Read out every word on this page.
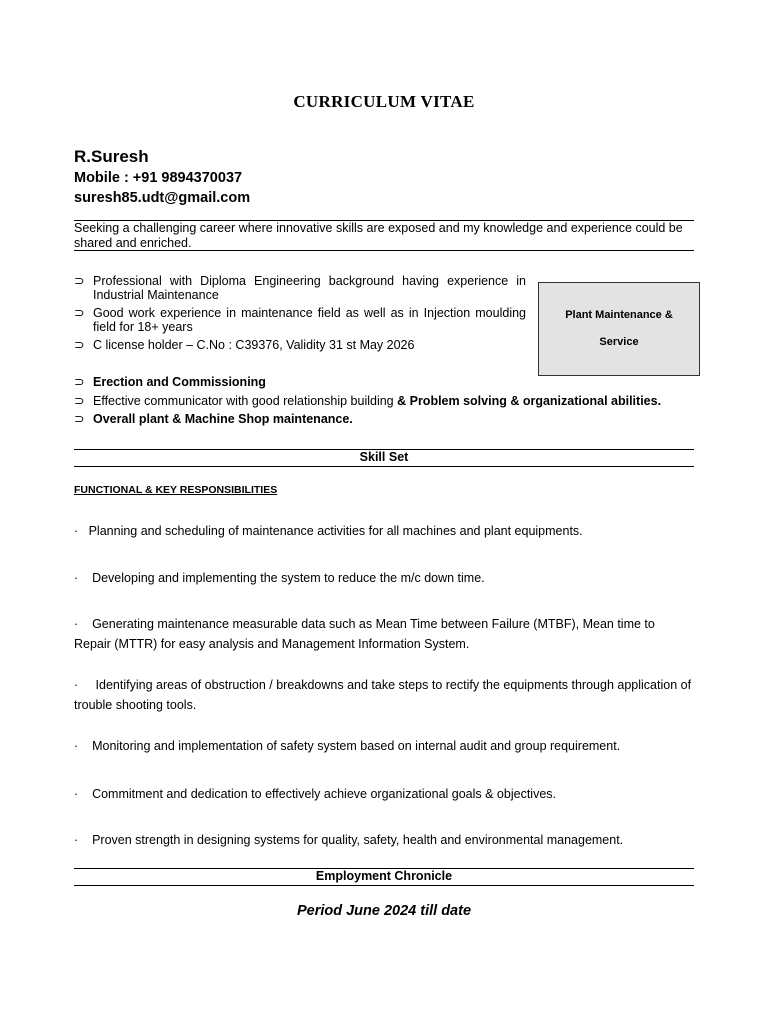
CURRICULUM VITAE
R.Suresh
Mobile : +91 9894370037
suresh85.udt@gmail.com
Seeking a challenging career where innovative skills are exposed and my knowledge and experience could be shared and enriched.
⊃ Professional with Diploma Engineering background having experience in Industrial Maintenance
⊃ Good work experience in maintenance field as well as in Injection moulding field for 18+ years
⊃ C license holder – C.No : C39376, Validity 31 st May 2026
Plant Maintenance &
Service
⊃ Erection and Commissioning
⊃ Effective communicator with good relationship building & Problem solving & organizational abilities.
⊃ Overall plant & Machine Shop maintenance.
Skill Set
FUNCTIONAL & KEY RESPONSIBILITIES
· Planning and scheduling of maintenance activities for all machines and plant equipments.
· Developing and implementing the system to reduce the m/c down time.
· Generating maintenance measurable data such as Mean Time between Failure (MTBF), Mean time to Repair (MTTR) for easy analysis and Management Information System.
· Identifying areas of obstruction / breakdowns and take steps to rectify the equipments through application of trouble shooting tools.
· Monitoring and implementation of safety system based on internal audit and group requirement.
· Commitment and dedication to effectively achieve organizational goals & objectives.
· Proven strength in designing systems for quality, safety, health and environmental management.
Employment Chronicle
Period June 2024 till date
